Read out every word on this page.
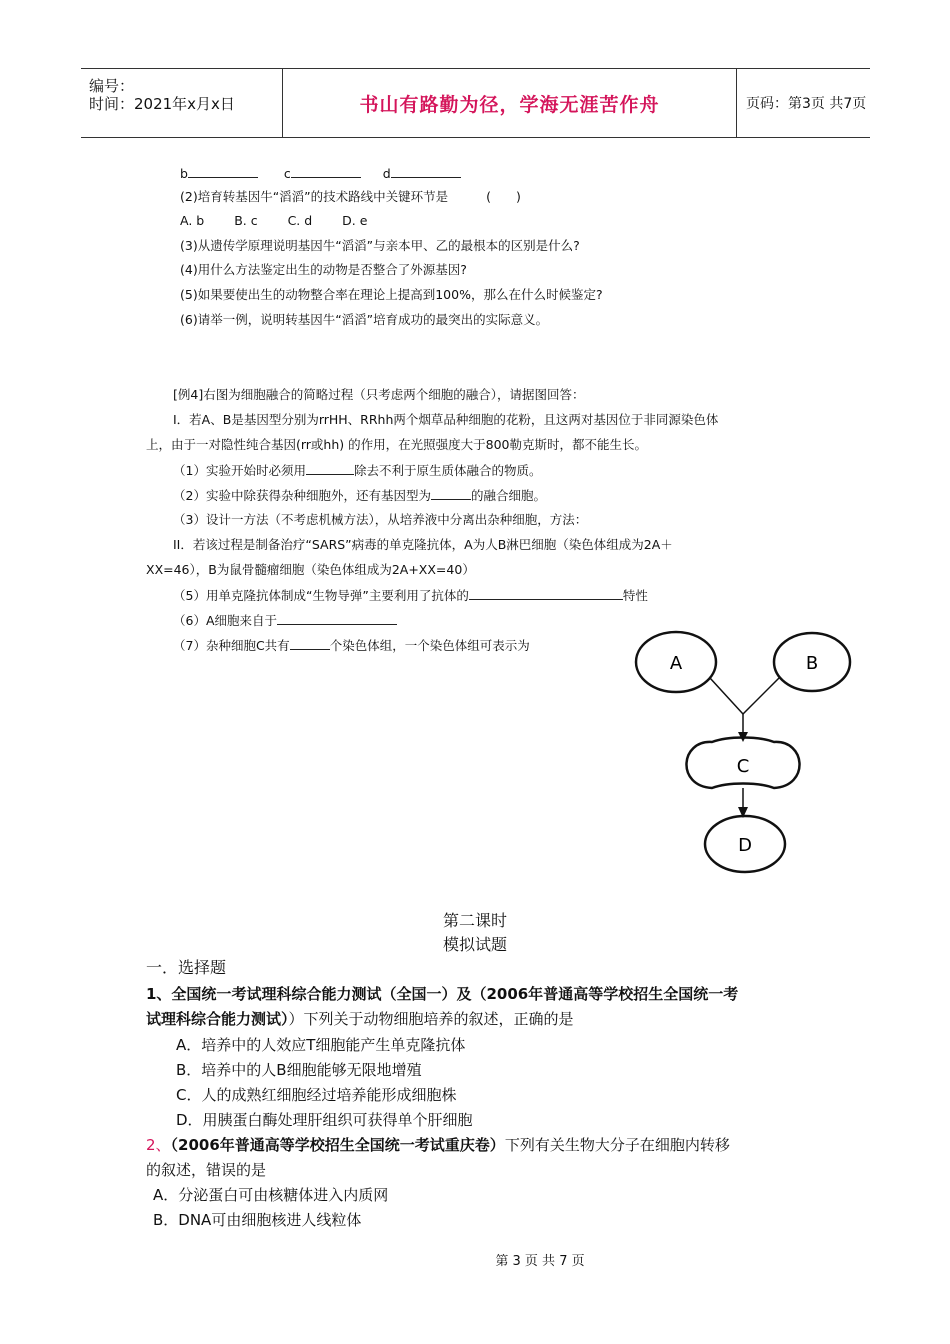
编号：
时间：2021年x月x日	书山有路勤为径，学海无涯苦作舟	页码：第3页 共7页
b	c	d
(2)培育转基因牛“滔滔”的技术路线中关键环节是	(　　)
A. b B. c C. d D. e
(3)从遗传学原理说明基因牛“滔滔”与亲本甲、乙的最根本的区别是什么?
(4)用什么方法鉴定出生的动物是否整合了外源基因?
(5)如果要使出生的动物整合率在理论上提高到100%，那么在什么时候鉴定?
(6)请举一例，说明转基因牛“滔滔”培育成功的最突出的实际意义。
[例4]右图为细胞融合的简略过程（只考虑两个细胞的融合），请据图回答：
I．若A、B是基因型分别为rrHH、RRhh两个烟草品种细胞的花粉，且这两对基因位于非同源染色体
上，由于一对隐性纯合基因(rr或hh) 的作用，在光照强度大于800勒克斯时，都不能生长。
（1）实验开始时必须用	除去不利于原生质体融合的物质。
（2）实验中除获得杂种细胞外，还有基因型为	的融合细胞。
（3）设计一方法（不考虑机械方法），从培养液中分离出杂种细胞，方法：
II．若该过程是制备治疗“SARS”病毒的单克隆抗体，A为人B淋巴细胞（染色体组成为2A＋
XX=46），B为鼠骨髓瘤细胞（染色体组成为2A+XX=40）
（5）用单克隆抗体制成“生物导弹”主要利用了抗体的	特性
（6）A细胞来自于
（7）杂种细胞C共有	个染色体组，一个染色体组可表示为
A	B
C
D
第二课时
模拟试题
一．选择题
1、全国统一考试理科综合能力测试（全国一）及（2006年普通高等学校招生全国统一考
试理科综合能力测试））下列关于动物细胞培养的叙述，正确的是
A．培养中的人效应T细胞能产生单克隆抗体
B．培养中的人B细胞能够无限地增殖
C．人的成熟红细胞经过培养能形成细胞株
D．用胰蛋白酶处理肝组织可获得单个肝细胞
2、（2006年普通高等学校招生全国统一考试重庆卷）下列有关生物大分子在细胞内转移
的叙述，错误的是
A．分泌蛋白可由核糖体进入内质网
B．DNA可由细胞核进人线粒体
第 3 页 共 7 页
